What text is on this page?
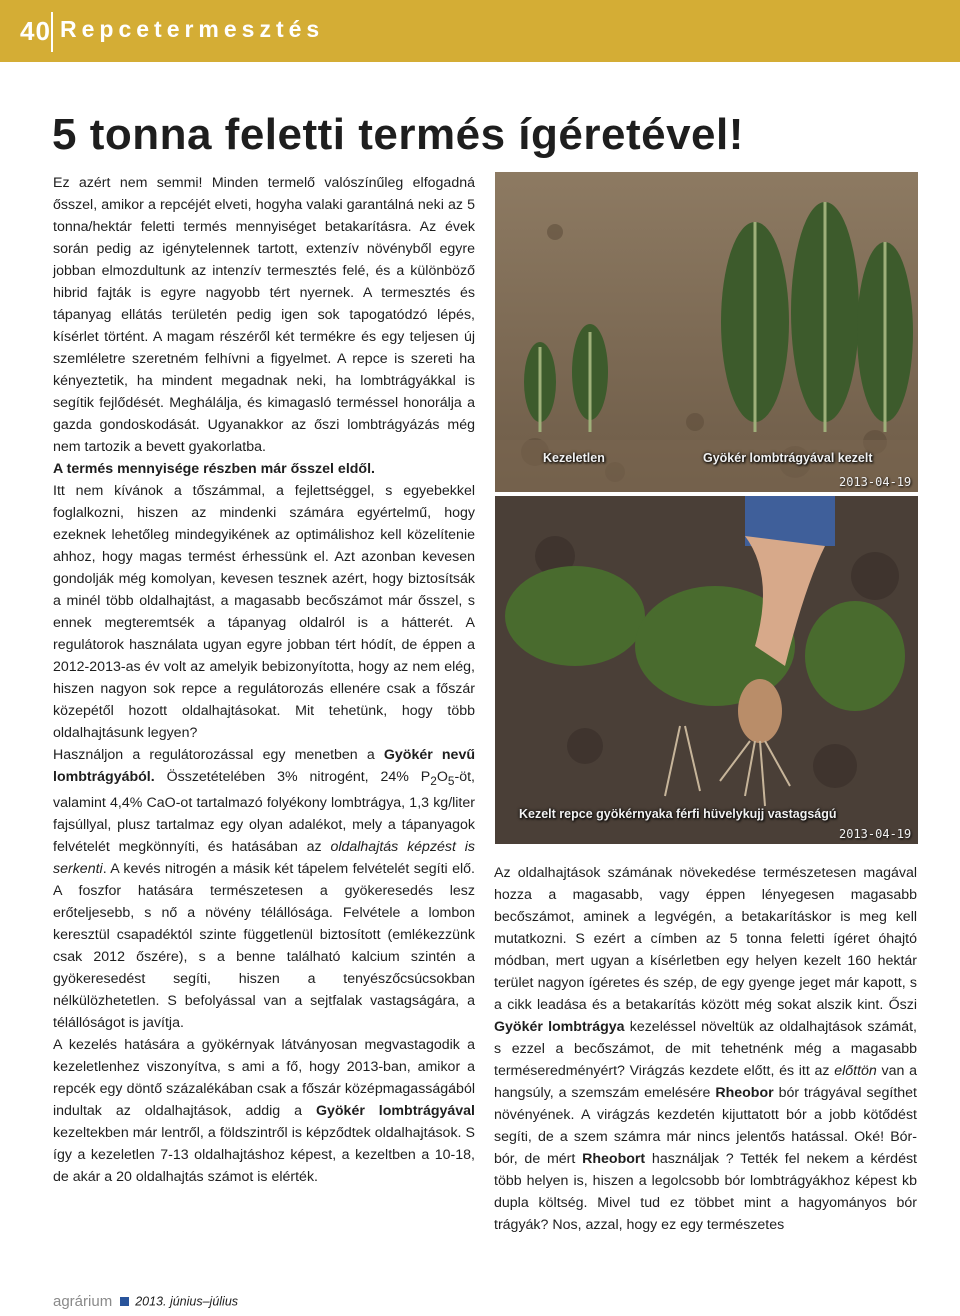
40 Repcetermesztés
5 tonna feletti termés ígéretével!

Ez azért nem semmi! Minden termelő valószínűleg elfogadná ősszel, amikor a repcéjét elveti, hogyha valaki garantálná neki az 5 tonna/hektár feletti termés mennyiséget betakarításra. Az évek során pedig az igénytelennek tartott, extenzív növényből egyre jobban elmozdultunk az intenzív termesztés felé, és a különböző hibrid fajták is egyre nagyobb tért nyernek. A termesztés és tápanyag ellátás területén pedig igen sok tapogatódzó lépés, kísérlet történt. A magam részéről két termékre és egy teljesen új szemléletre szeretném felhívni a figyelmet. A repce is szereti ha kényeztetik, ha mindent megadnak neki, ha lombtrágyákkal is segítik fejlődését. Meghálálja, és kimagasló terméssel honorálja a gazda gondoskodását. Ugyanakkor az őszi lombtrágyázás még nem tartozik a bevett gyakorlatba.

A termés mennyisége részben már ősszel eldől.

Itt nem kívánok a tőszámmal, a fejlettséggel, s egyebekkel foglalkozni, hiszen az mindenki számára egyértelmű, hogy ezeknek lehetőleg mindegyikének az optimálishoz kell közelítenie ahhoz, hogy magas termést érhessünk el. Azt azonban kevesen gondolják még komolyan, kevesen tesznek azért, hogy biztosítsák a minél több oldalhajtást, a magasabb becőszámot már ősszel, s ennek megteremtsék a tápanyag oldalról is a hátterét. A regulátorok használata ugyan egyre jobban tért hódít, de éppen a 2012-2013-as év volt az amelyik bebizonyította, hogy az nem elég, hiszen nagyon sok repce a regulátorozás ellenére csak a főszár közepétől hozott oldalhajtásokat. Mit tehetünk, hogy több oldalhajtásunk legyen?

Használjon a regulátorozással egy menetben a Gyökér nevű lombtrágyából. Összetételében 3% nitrogént, 24% $P_2O_5-öt$, valamint 4,4% CaO-ot tartalmazó folyékony lombtrágya, 1,3 kg/liter fajsúllyal, plusz tartalmaz egy olyan adalékot, mely a tápanyagok felvételét megkönnyíti, és hatásában az oldalhajtás képzést is serkenti. A kevés nitrogén a másik két tápelem felvételét segíti elő. A foszfor hatására természetesen a gyökeresedés lesz erőteljesebb, s nő a növény télállósága. Felvétele a lombon keresztül csapadéktól szinte függetlenül biztosított (emlékezzünk csak 2012 őszére), s a benne található kalcium szintén a gyökeresedést segíti, hiszen a tenyészőcsúcsokban nélkülözhetetlen. S befolyással van a sejtfalak vastagságára, a télállóságot is javítja.

A kezelés hatására a gyökérnyak látványosan megvastagodik a kezeletlenhez viszonyítva, s ami a fő, hogy 2013-ban, amikor a repcék egy döntő százalékában csak a főszár középmagasságából indultak az oldalhajtások, addig a Gyökér lombtrágyával kezeltekben már lentről, a földszintről is képződtek oldalhajtások. S így a kezeletlen 7-13 oldalhajtáshoz képest, a kezeltben a 10-18, de akár a 20 oldalhajtás számot is elérték.

Kezeletlen	Gyökér lombtrágyával kezelt
2013-04-19
Kezelt repce gyökérnyaka férfi hüvelykujj vastagságú
2013-04-19

Az oldalhajtások számának növekedése természetesen magával hozza a magasabb, vagy éppen lényegesen magasabb becőszámot, aminek a legvégén, a betakarításkor is meg kell mutatkozni. S ezért a címben az 5 tonna feletti ígéret óhajtó módban, mert ugyan a kísérletben egy helyen kezelt 160 hektár terület nagyon ígéretes és szép, de egy gyenge jeget már kapott, s a cikk leadása és a betakarítás között még sokat alszik kint. Őszi Gyökér lombtrágya kezeléssel növeltük az oldalhajtások számát, s ezzel a becőszámot, de mit tehetnénk még a magasabb terméseredményért? Virágzás kezdete előtt, és itt az előttön van a hangsúly, a szemszám emelésére Rheobor bór trágyával segíthet növényének. A virágzás kezdetén kijuttatott bór a jobb kötődést segíti, de a szem számra már nincs jelentős hatással. Oké! Bór-bór, de mért Rheobort használjak ? Tették fel nekem a kérdést több helyen is, hiszen a legolcsobb bór lombtrágyákhoz képest kb dupla költség. Mivel tud ez többet mint a hagyományos bór trágyák? Nos, azzal, hogy ez egy természetes

agrárium 2013. június–július
